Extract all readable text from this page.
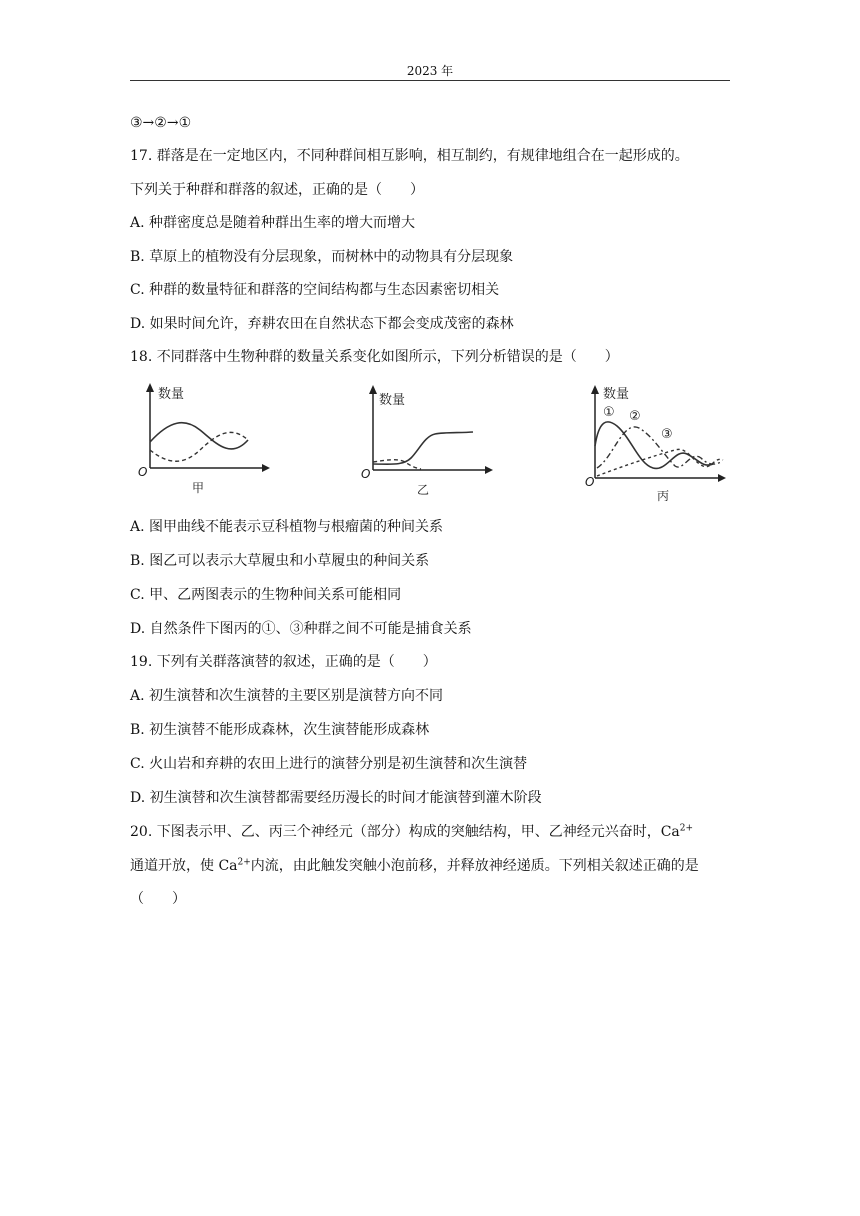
2023 年
③→②→①
17. 群落是在一定地区内，不同种群间相互影响，相互制约，有规律地组合在一起形成的。
下列关于种群和群落的叙述，正确的是（　　）
A. 种群密度总是随着种群出生率的增大而增大
B. 草原上的植物没有分层现象，而树林中的动物具有分层现象
C. 种群的数量特征和群落的空间结构都与生态因素密切相关
D. 如果时间允许，弃耕农田在自然状态下都会变成茂密的森林
18. 不同群落中生物种群的数量关系变化如图所示，下列分析错误的是（　　）
数量
O
甲
数量
O
乙
数量
O
① ②
③
丙
A. 图甲曲线不能表示豆科植物与根瘤菌的种间关系
B. 图乙可以表示大草履虫和小草履虫的种间关系
C. 甲、乙两图表示的生物种间关系可能相同
D. 自然条件下图丙的①、③种群之间不可能是捕食关系
19. 下列有关群落演替的叙述，正确的是（　　）
A. 初生演替和次生演替的主要区别是演替方向不同
B. 初生演替不能形成森林，次生演替能形成森林
C. 火山岩和弃耕的农田上进行的演替分别是初生演替和次生演替
D. 初生演替和次生演替都需要经历漫长的时间才能演替到灌木阶段
20. 下图表示甲、乙、丙三个神经元（部分）构成的突触结构，甲、乙神经元兴奋时，$Ca^{2+}$
通道开放，使 $Ca^{2+}$内流，由此触发突触小泡前移，并释放神经递质。下列相关叙述正确的是
（　　）
